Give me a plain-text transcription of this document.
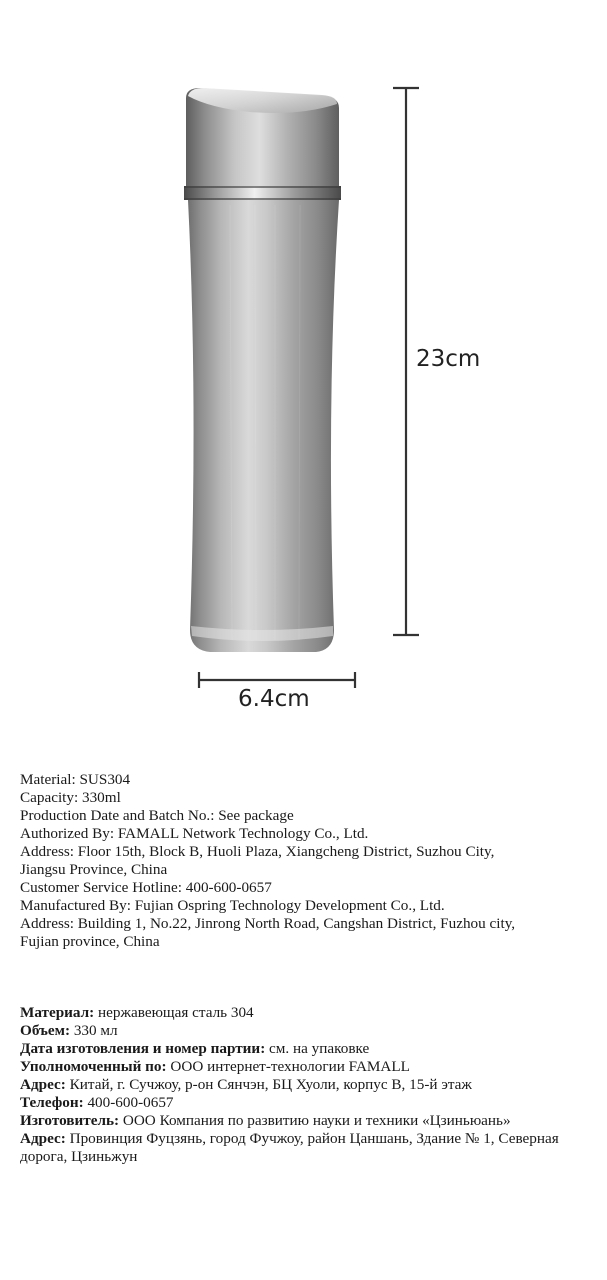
23cm
6.4cm

Material: SUS304

Capacity: 330ml

Production Date and Batch No.: See package

Authorized By: FAMALL Network Technology Co., Ltd.

Address: Floor 15th, Block B, Huoli Plaza, Xiangcheng District, Suzhou City,

Jiangsu Province, China

Customer Service Hotline: 400-600-0657

Manufactured By: Fujian Ospring Technology Development Co., Ltd.

Address: Building 1, No.22, Jinrong North Road, Cangshan District, Fuzhou city,

Fujian province, China

Материал: нержавеющая сталь 304

Объем: 330 мл

Дата изготовления и номер партии: см. на упаковке

Уполномоченный по: ООО интернет-технологии FAMALL

Адрес: Китай, г. Сучжоу, р-он Сянчэн, БЦ Хуоли, корпус B, 15-й этаж

Телефон: 400-600-0657

Изготовитель: ООО Компания по развитию науки и техники «Цзиньюань»

Адрес: Провинция Фуцзянь, город Фучжоу, район Цаншань, Здание № 1, Северная дорога, Цзиньжун
